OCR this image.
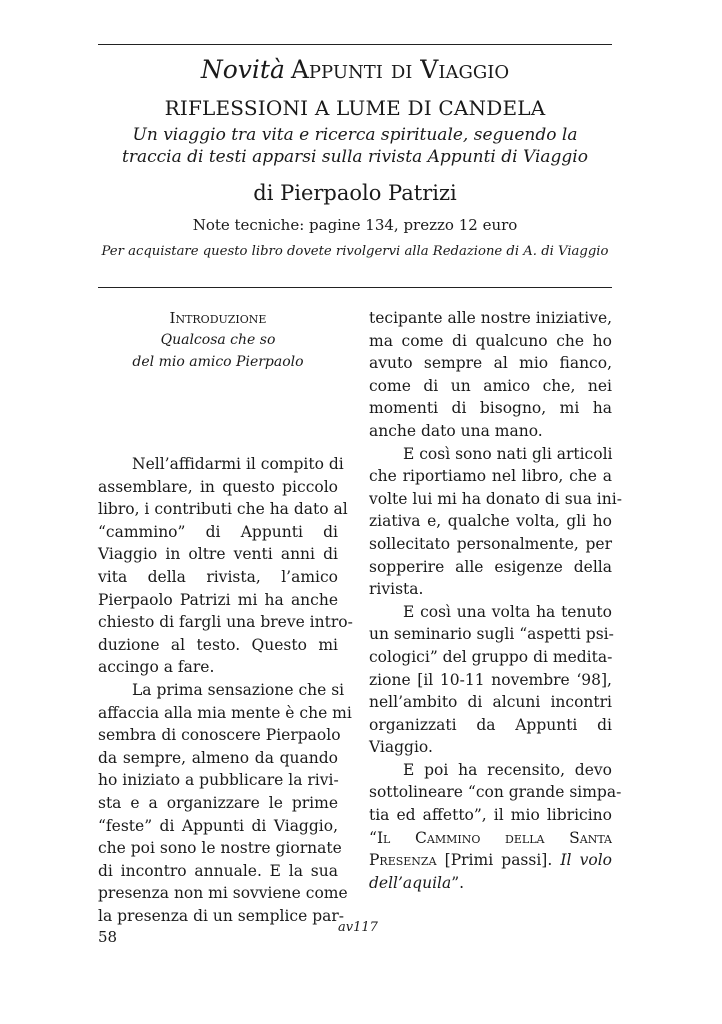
Novità Appunti di Viaggio
RIFLESSIONI A LUME DI CANDELA
Un viaggio tra vita e ricerca spirituale, seguendo la
traccia di testi apparsi sulla rivista Appunti di Viaggio
di Pierpaolo Patrizi
Note tecniche: pagine 134, prezzo 12 euro
Per acquistare questo libro dovete rivolgervi alla Redazione di A. di Viaggio
Introduzione
Qualcosa che so
del mio amico Pierpaolo
Nell’affidarmi il compito di
assemblare, in questo piccolo
libro, i contributi che ha dato al
“cammino” di Appunti di
Viaggio in oltre venti anni di
vita della rivista, l’amico
Pierpaolo Patrizi mi ha anche
chiesto di fargli una breve intro-
duzione al testo. Questo mi
accingo a fare.
La prima sensazione che si
affaccia alla mia mente è che mi
sembra di conoscere Pierpaolo
da sempre, almeno da quando
ho iniziato a pubblicare la rivi-
sta e a organizzare le prime
“feste” di Appunti di Viaggio,
che poi sono le nostre giornate
di incontro annuale. E la sua
presenza non mi sovviene come
la presenza di un semplice par-
tecipante alle nostre iniziative,
ma come di qualcuno che ho
avuto sempre al mio fianco,
come di un amico che, nei
momenti di bisogno, mi ha
anche dato una mano.
E così sono nati gli articoli
che riportiamo nel libro, che a
volte lui mi ha donato di sua ini-
ziativa e, qualche volta, gli ho
sollecitato personalmente, per
sopperire alle esigenze della
rivista.
E così una volta ha tenuto
un seminario sugli “aspetti psi-
cologici” del gruppo di medita-
zione [il 10-11 novembre ‘98],
nell’ambito di alcuni incontri
organizzati da Appunti di
Viaggio.
E poi ha recensito, devo
sottolineare “con grande simpa-
tia ed affetto”, il mio libricino
“Il Cammino della Santa
Presenza [Primi passi]. Il volo
dell’aquila”.
58
av117
